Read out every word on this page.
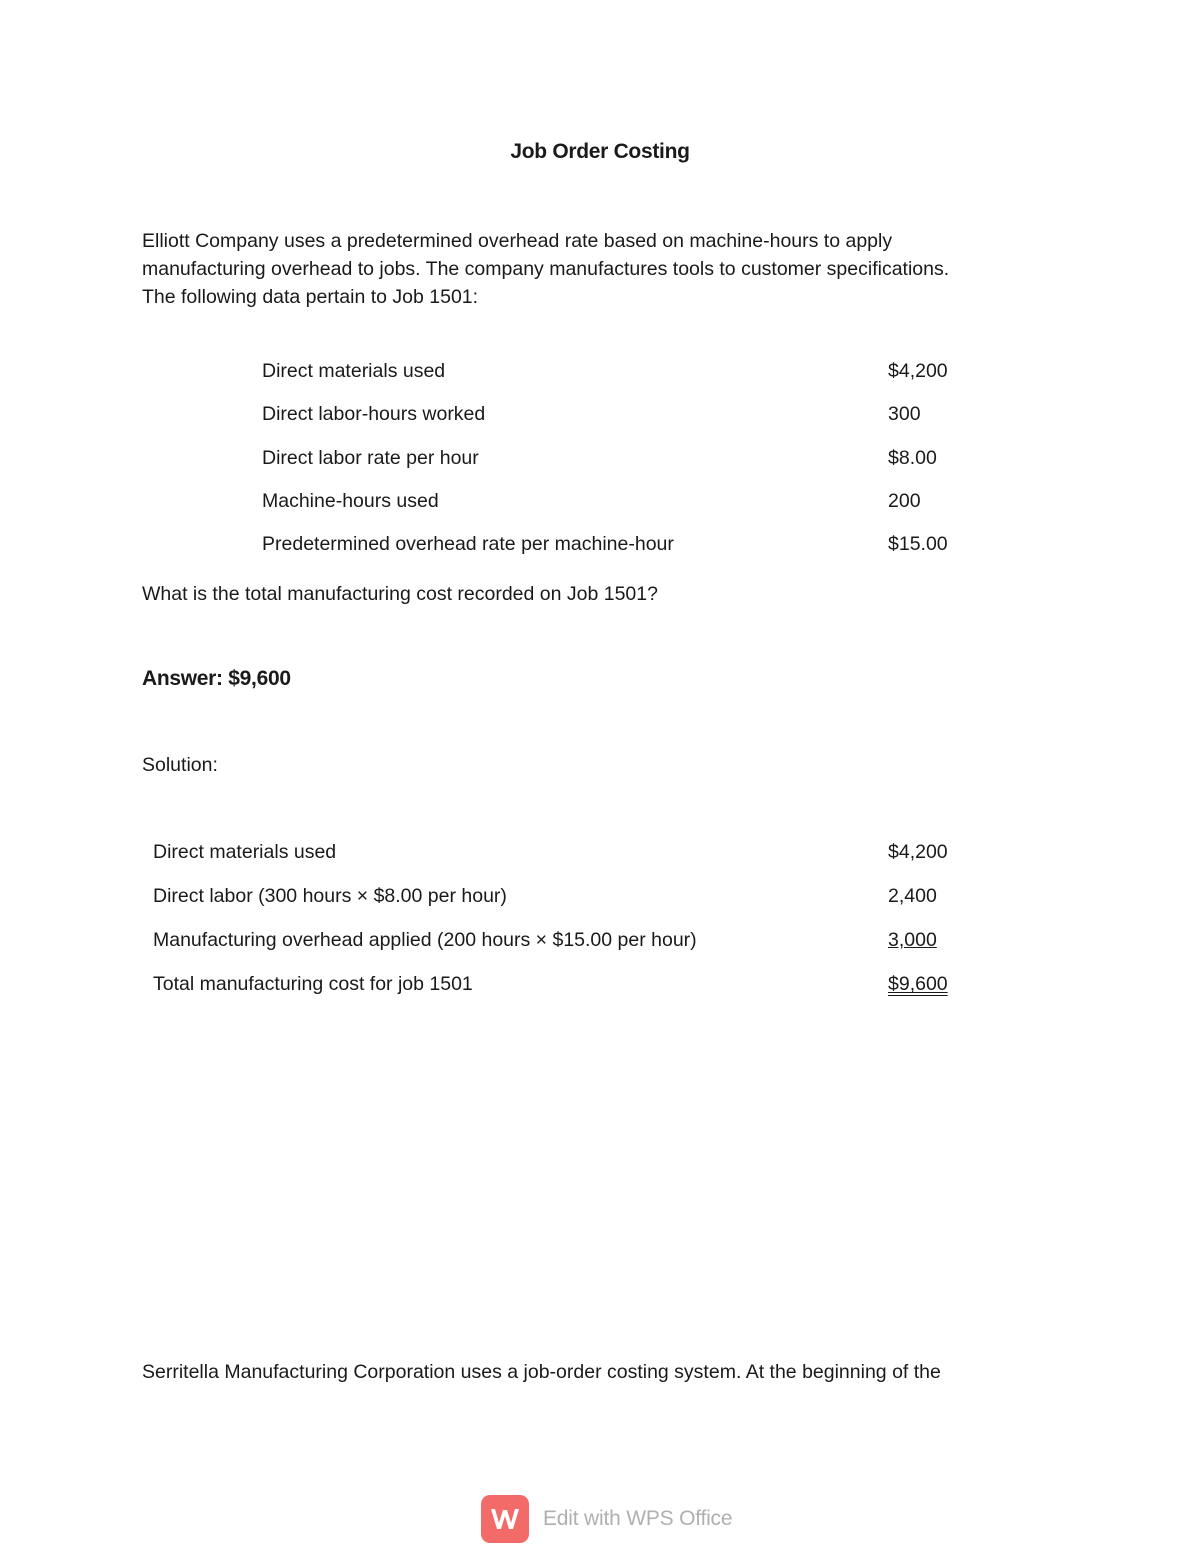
Job Order Costing

Elliott Company uses a predetermined overhead rate based on machine-hours to apply

manufacturing overhead to jobs. The company manufactures tools to customer specifications.

The following data pertain to Job 1501:

Direct materials used	$4,200
Direct labor-hours worked	300
Direct labor rate per hour	$8.00
Machine-hours used	200
Predetermined overhead rate per machine-hour	$15.00
What is the total manufacturing cost recorded on Job 1501?
Answer: $9,600
Solution:
Direct materials used	$4,200
Direct labor (300 hours × $8.00 per hour)	2,400
Manufacturing overhead applied (200 hours × $15.00 per hour)	3,000
Total manufacturing cost for job 1501	$9,600
Serritella Manufacturing Corporation uses a job-order costing system. At the beginning of the
Edit with WPS Office
